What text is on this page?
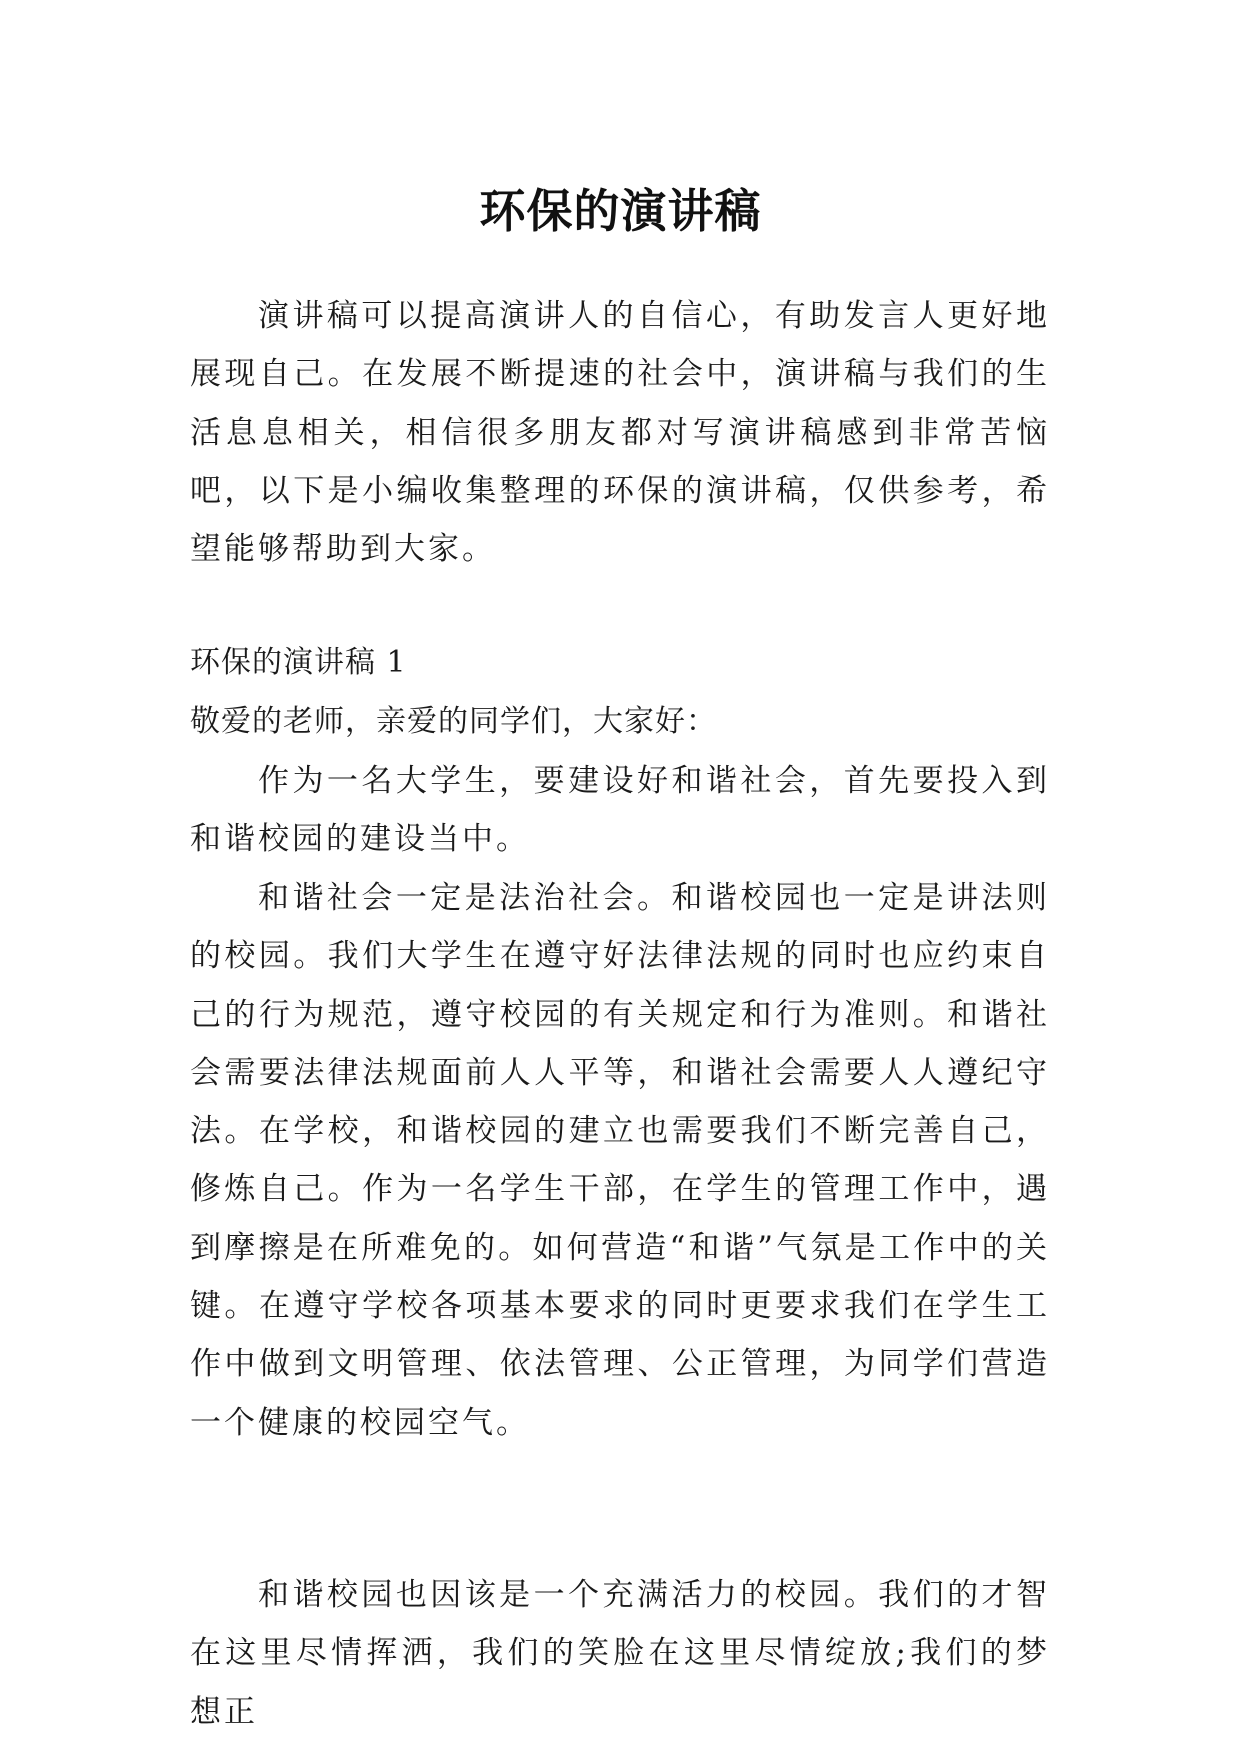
环保的演讲稿

演讲稿可以提高演讲人的自信心，有助发言人更好地展现自己。在发展不断提速的社会中，演讲稿与我们的生活息息相关，相信很多朋友都对写演讲稿感到非常苦恼吧，以下是小编收集整理的环保的演讲稿，仅供参考，希望能够帮助到大家。

环保的演讲稿 1

敬爱的老师，亲爱的同学们，大家好：

作为一名大学生，要建设好和谐社会，首先要投入到和谐校园的建设当中。

和谐社会一定是法治社会。和谐校园也一定是讲法则的校园。我们大学生在遵守好法律法规的同时也应约束自己的行为规范，遵守校园的有关规定和行为准则。和谐社会需要法律法规面前人人平等，和谐社会需要人人遵纪守法。在学校，和谐校园的建立也需要我们不断完善自己，修炼自己。作为一名学生干部，在学生的管理工作中，遇到摩擦是在所难免的。如何营造“和谐”气氛是工作中的关键。在遵守学校各项基本要求的同时更要求我们在学生工作中做到文明管理、依法管理、公正管理，为同学们营造一个健康的校园空气。

和谐校园也因该是一个充满活力的校园。我们的才智在这里尽情挥洒，我们的笑脸在这里尽情绽放;我们的梦想正
